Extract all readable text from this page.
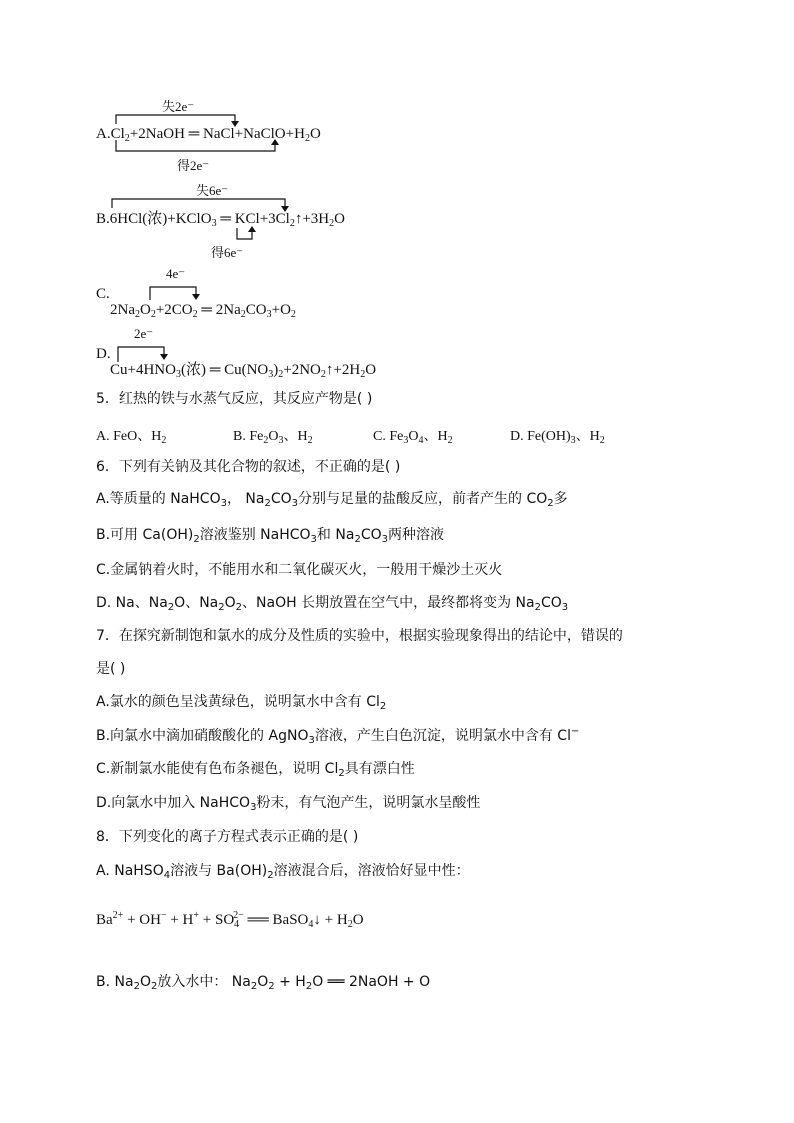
失2e⁻
$A.Cl_2+2NaOH$ ═ $NaCl+NaClO+H_2O$
得2e⁻
失6e⁻
B.6HCl(浓)+KClO$_3$ ═ $KCl+3Cl_2↑+3H_2O$
得6e⁻
4e⁻
C.
$2Na_2O_2+2CO_2$ ═ $2Na_2CO_3+O_2$
2e⁻
D.
$Cu+4HNO_3$(浓) ═ $Cu(NO_3)_2+2NO_2↑+2H_2O$
5．红热的铁与水蒸气反应，其反应产物是( )
A. FeO、$H_2$	B. $Fe_2O_3$、$H_2$	C. $Fe_3O_4$、$H_2$	D. $Fe(OH)_3$、$H_2$
6．下列有关钠及其化合物的叙述，不正确的是( )
A.等质量的 NaHCO$_3$， $Na_2CO_3$分别与足量的盐酸反应，前者产生的 $CO_2$多
B.可用 $Ca(OH)_2$溶液鉴别 NaHCO$_3$和 $Na_2CO_3$两种溶液
C.金属钠着火时，不能用水和二氧化碳灭火，一般用干燥沙土灭火
D. Na、$Na_2O$、$Na_2O_2$、NaOH 长期放置在空气中，最终都将变为 $Na_2CO_3$
7．在探究新制饱和氯水的成分及性质的实验中，根据实验现象得出的结论中，错误的
是( )
A.氯水的颜色呈浅黄绿色，说明氯水中含有 $Cl_2$
B.向氯水中滴加硝酸酸化的 AgNO$_3$溶液，产生白色沉淀，说明氯水中含有 Cl−
C.新制氯水能使有色布条褪色，说明 $Cl_2$具有漂白性
D.向氯水中加入 NaHCO$_3$粉末，有气泡产生，说明氯水呈酸性
8．下列变化的离子方程式表示正确的是( )
A. NaHSO$_4$溶液与 $Ba(OH)_2$溶液混合后，溶液恰好显中性：
$Ba^{2+} + OH^- + H^+ + SO_4^{2-}$ ══ BaSO$_4$↓ + $H_2O$
B. $Na_2O_2$放入水中： $Na_2O_2 + H_2O$ ══ 2NaOH + O
